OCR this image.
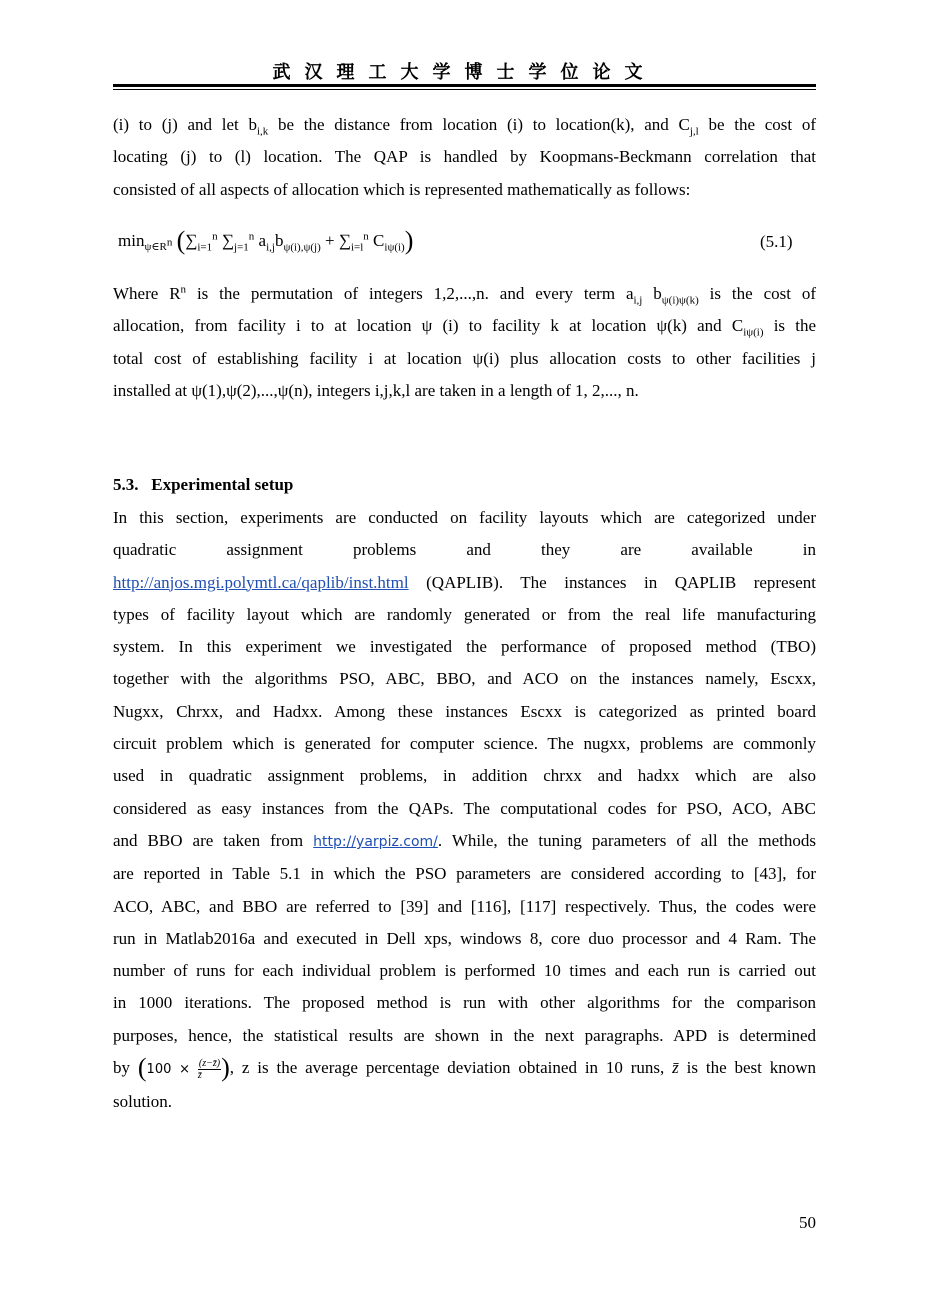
武汉理工大学博士学位论文
(i) to (j) and let $b_{i,k}$ be the distance from location (i) to location(k), and $C_{j,l}$ be the cost of
locating (j) to (l) location. The QAP is handled by Koopmans-Beckmann correlation that
consisted of all aspects of allocation which is represented mathematically as follows:
$\min_{\psi\in R^n} (\sum_{i=1}^n$ $\sum_{j=1}^n$ $a_{i,j}b_{\psi(i),\psi(j)} + \sum_{i=l}^n$ $C_{i\psi(i)}$)	(5.1)
Where $R^n$ is the permutation of integers 1,2,...,n. and every term $a_{i,j}$ $b_{\psi(i)\psi(k)}$ is the cost of
allocation, from facility i to at location ψ (i) to facility k at location ψ(k) and $C_{i\psi(i)}$ is the
total cost of establishing facility i at location ψ(i) plus allocation costs to other facilities j
installed at ψ(1),ψ(2),...,ψ(n), integers i,j,k,l are taken in a length of 1, 2,..., n.
5.3. Experimental setup
In this section, experiments are conducted on facility layouts which are categorized under
quadratic assignment problems and they are available in
http://anjos.mgi.polymtl.ca/qaplib/inst.html (QAPLIB). The instances in QAPLIB represent
types of facility layout which are randomly generated or from the real life manufacturing
system. In this experiment we investigated the performance of proposed method (TBO)
together with the algorithms PSO, ABC, BBO, and ACO on the instances namely, Escxx,
Nugxx, Chrxx, and Hadxx. Among these instances Escxx is categorized as printed board
circuit problem which is generated for computer science. The nugxx, problems are commonly
used in quadratic assignment problems, in addition chrxx and hadxx which are also
considered as easy instances from the QAPs. The computational codes for PSO, ACO, ABC
and BBO are taken from http://yarpiz.com/. While, the tuning parameters of all the methods
are reported in Table 5.1 in which the PSO parameters are considered according to [43], for
ACO, ABC, and BBO are referred to [39] and [116], [117] respectively. Thus, the codes were
run in Matlab2016a and executed in Dell xps, windows 8, core duo processor and 4 Ram. The
number of runs for each individual problem is performed 10 times and each run is carried out
in 1000 iterations. The proposed method is run with other algorithms for the comparison
purposes, hence, the statistical results are shown in the next paragraphs. APD is determined
by $(100 \times \frac{(z-z̄)}{z̄})$, z is the average percentage deviation obtained in 10 runs, z̄ is the best known
solution.
50
